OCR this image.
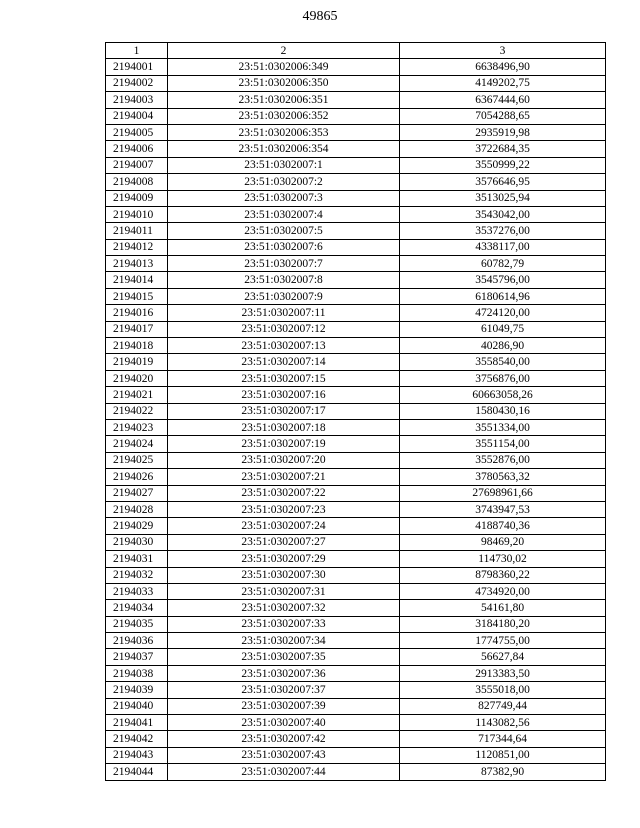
49865
1	2	3
2194001	23:51:0302006:349	6638496,90
2194002	23:51:0302006:350	4149202,75
2194003	23:51:0302006:351	6367444,60
2194004	23:51:0302006:352	7054288,65
2194005	23:51:0302006:353	2935919,98
2194006	23:51:0302006:354	3722684,35
2194007	23:51:0302007:1	3550999,22
2194008	23:51:0302007:2	3576646,95
2194009	23:51:0302007:3	3513025,94
2194010	23:51:0302007:4	3543042,00
2194011	23:51:0302007:5	3537276,00
2194012	23:51:0302007:6	4338117,00
2194013	23:51:0302007:7	60782,79
2194014	23:51:0302007:8	3545796,00
2194015	23:51:0302007:9	6180614,96
2194016	23:51:0302007:11	4724120,00
2194017	23:51:0302007:12	61049,75
2194018	23:51:0302007:13	40286,90
2194019	23:51:0302007:14	3558540,00
2194020	23:51:0302007:15	3756876,00
2194021	23:51:0302007:16	60663058,26
2194022	23:51:0302007:17	1580430,16
2194023	23:51:0302007:18	3551334,00
2194024	23:51:0302007:19	3551154,00
2194025	23:51:0302007:20	3552876,00
2194026	23:51:0302007:21	3780563,32
2194027	23:51:0302007:22	27698961,66
2194028	23:51:0302007:23	3743947,53
2194029	23:51:0302007:24	4188740,36
2194030	23:51:0302007:27	98469,20
2194031	23:51:0302007:29	114730,02
2194032	23:51:0302007:30	8798360,22
2194033	23:51:0302007:31	4734920,00
2194034	23:51:0302007:32	54161,80
2194035	23:51:0302007:33	3184180,20
2194036	23:51:0302007:34	1774755,00
2194037	23:51:0302007:35	56627,84
2194038	23:51:0302007:36	2913383,50
2194039	23:51:0302007:37	3555018,00
2194040	23:51:0302007:39	827749,44
2194041	23:51:0302007:40	1143082,56
2194042	23:51:0302007:42	717344,64
2194043	23:51:0302007:43	1120851,00
2194044	23:51:0302007:44	87382,90
